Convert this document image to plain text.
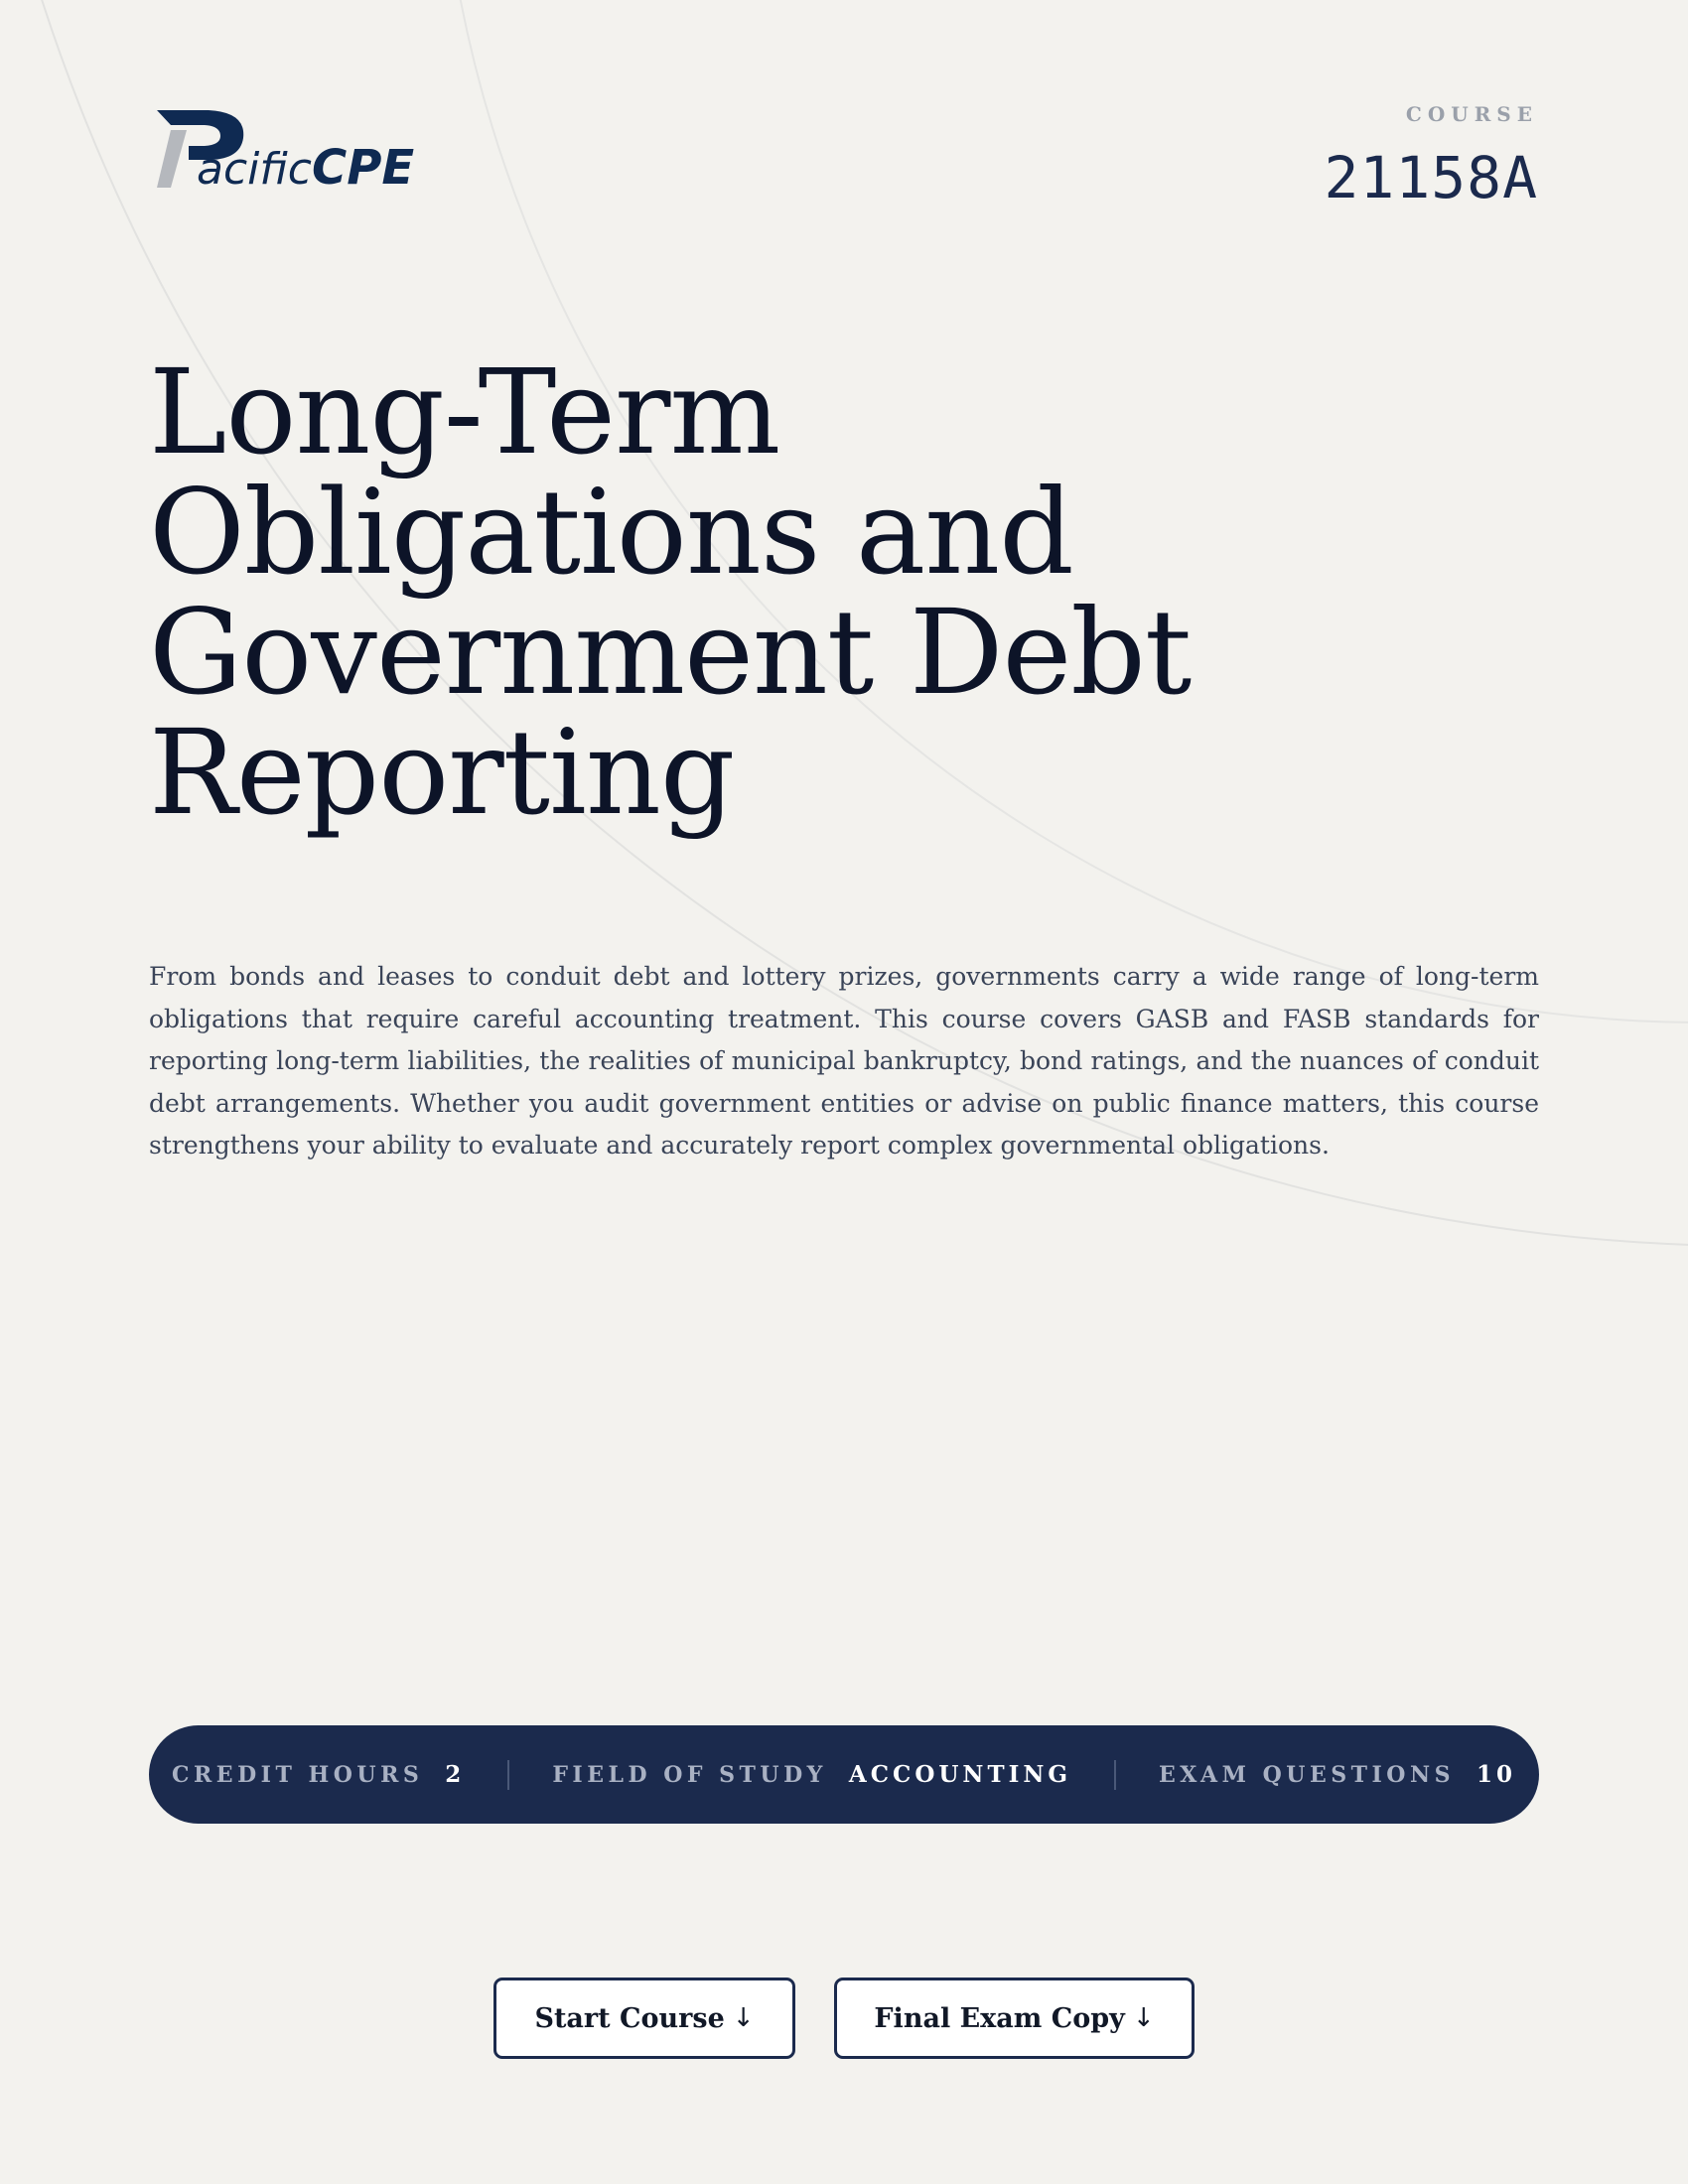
acificCPE
COURSE
21158A
Long-Term Obligations and Government Debt Reporting

From bonds and leases to conduit debt and lottery prizes, governments carry a wide range of long-term obligations that require careful accounting treatment. This course covers GASB and FASB standards for reporting long-term liabilities, the realities of municipal bankruptcy, bond ratings, and the nuances of conduit debt arrangements. Whether you audit government entities or advise on public finance matters, this course strengthens your ability to evaluate and accurately report complex governmental obligations.

CREDIT HOURS 2	FIELD OF STUDY ACCOUNTING	EXAM QUESTIONS 10
Start Course ↓	Final Exam Copy ↓
